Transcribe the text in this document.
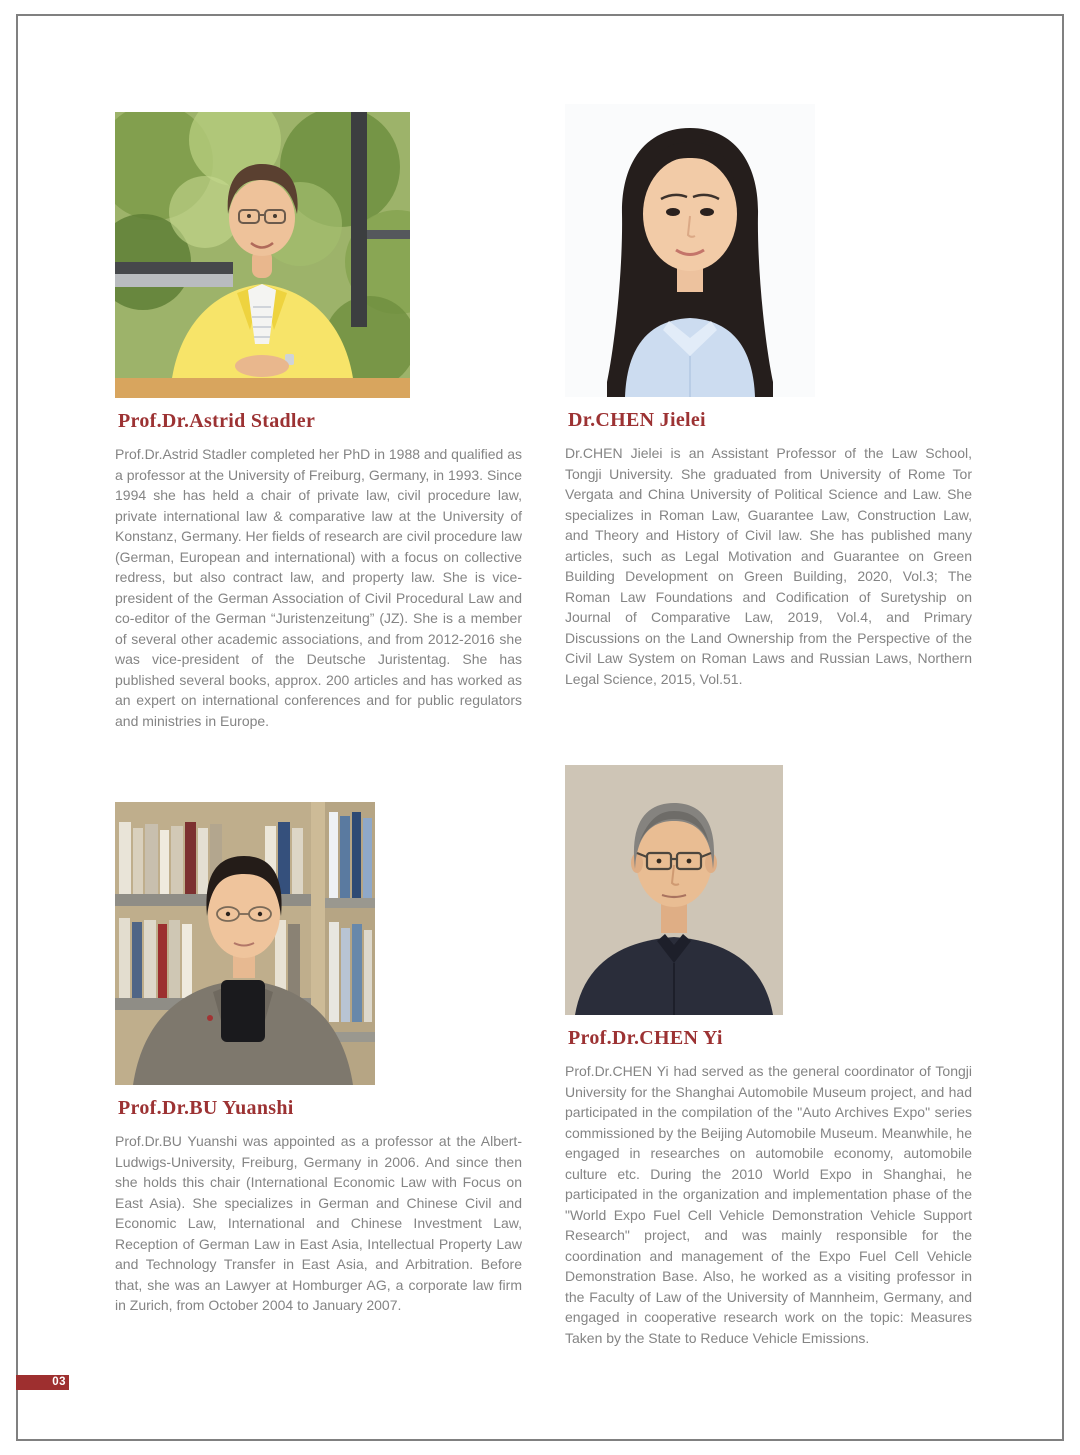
Prof.Dr.Astrid Stadler

Prof.Dr.Astrid Stadler completed her PhD in 1988 and qualified as a professor at the University of Freiburg, Germany, in 1993. Since 1994 she has held a chair of private law, civil procedure law, private international law & comparative law at the University of Konstanz, Germany. Her fields of research are civil procedure law (German, European and international) with a focus on collective redress, but also contract law, and property law. She is vice-president of the German Association of Civil Procedural Law and co-editor of the German “Juristenzeitung” (JZ). She is a member of several other academic associations, and from 2012-2016 she was vice-president of the Deutsche Juristentag. She has published several books, approx. 200 articles and has worked as an expert on international conferences and for public regulators and ministries in Europe.

Dr.CHEN Jielei

Dr.CHEN Jielei is an Assistant Professor of the Law School, Tongji University. She graduated from University of Rome Tor Vergata and China University of Political Science and Law. She specializes in Roman Law, Guarantee Law, Construction Law, and Theory and History of Civil law. She has published many articles, such as Legal Motivation and Guarantee on Green Building Development on Green Building, 2020, Vol.3; The Roman Law Foundations and Codification of Suretyship on Journal of Comparative Law, 2019, Vol.4, and Primary Discussions on the Land Ownership from the Perspective of the Civil Law System on Roman Laws and Russian Laws, Northern Legal Science, 2015, Vol.51.

Prof.Dr.BU Yuanshi

Prof.Dr.BU Yuanshi was appointed as a professor at the Albert-Ludwigs-University, Freiburg, Germany in 2006. And since then she holds this chair (International Economic Law with Focus on East Asia). She specializes in German and Chinese Civil and Economic Law, International and Chinese Investment Law, Reception of German Law in East Asia, Intellectual Property Law and Technology Transfer in East Asia, and Arbitration. Before that, she was an Lawyer at Homburger AG, a corporate law firm in Zurich, from October 2004 to January 2007.

Prof.Dr.CHEN Yi

Prof.Dr.CHEN Yi had served as the general coordinator of Tongji University for the Shanghai Automobile Museum project, and had participated in the compilation of the "Auto Archives Expo" series commissioned by the Beijing Automobile Museum. Meanwhile, he engaged in researches on automobile economy, automobile culture etc. During the 2010 World Expo in Shanghai, he participated in the organization and implementation phase of the "World Expo Fuel Cell Vehicle Demonstration Vehicle Support Research" project, and was mainly responsible for the coordination and management of the Expo Fuel Cell Vehicle Demonstration Base. Also, he worked as a visiting professor in the Faculty of Law of the University of Mannheim, Germany, and engaged in cooperative research work on the topic: Measures Taken by the State to Reduce Vehicle Emissions.

03
